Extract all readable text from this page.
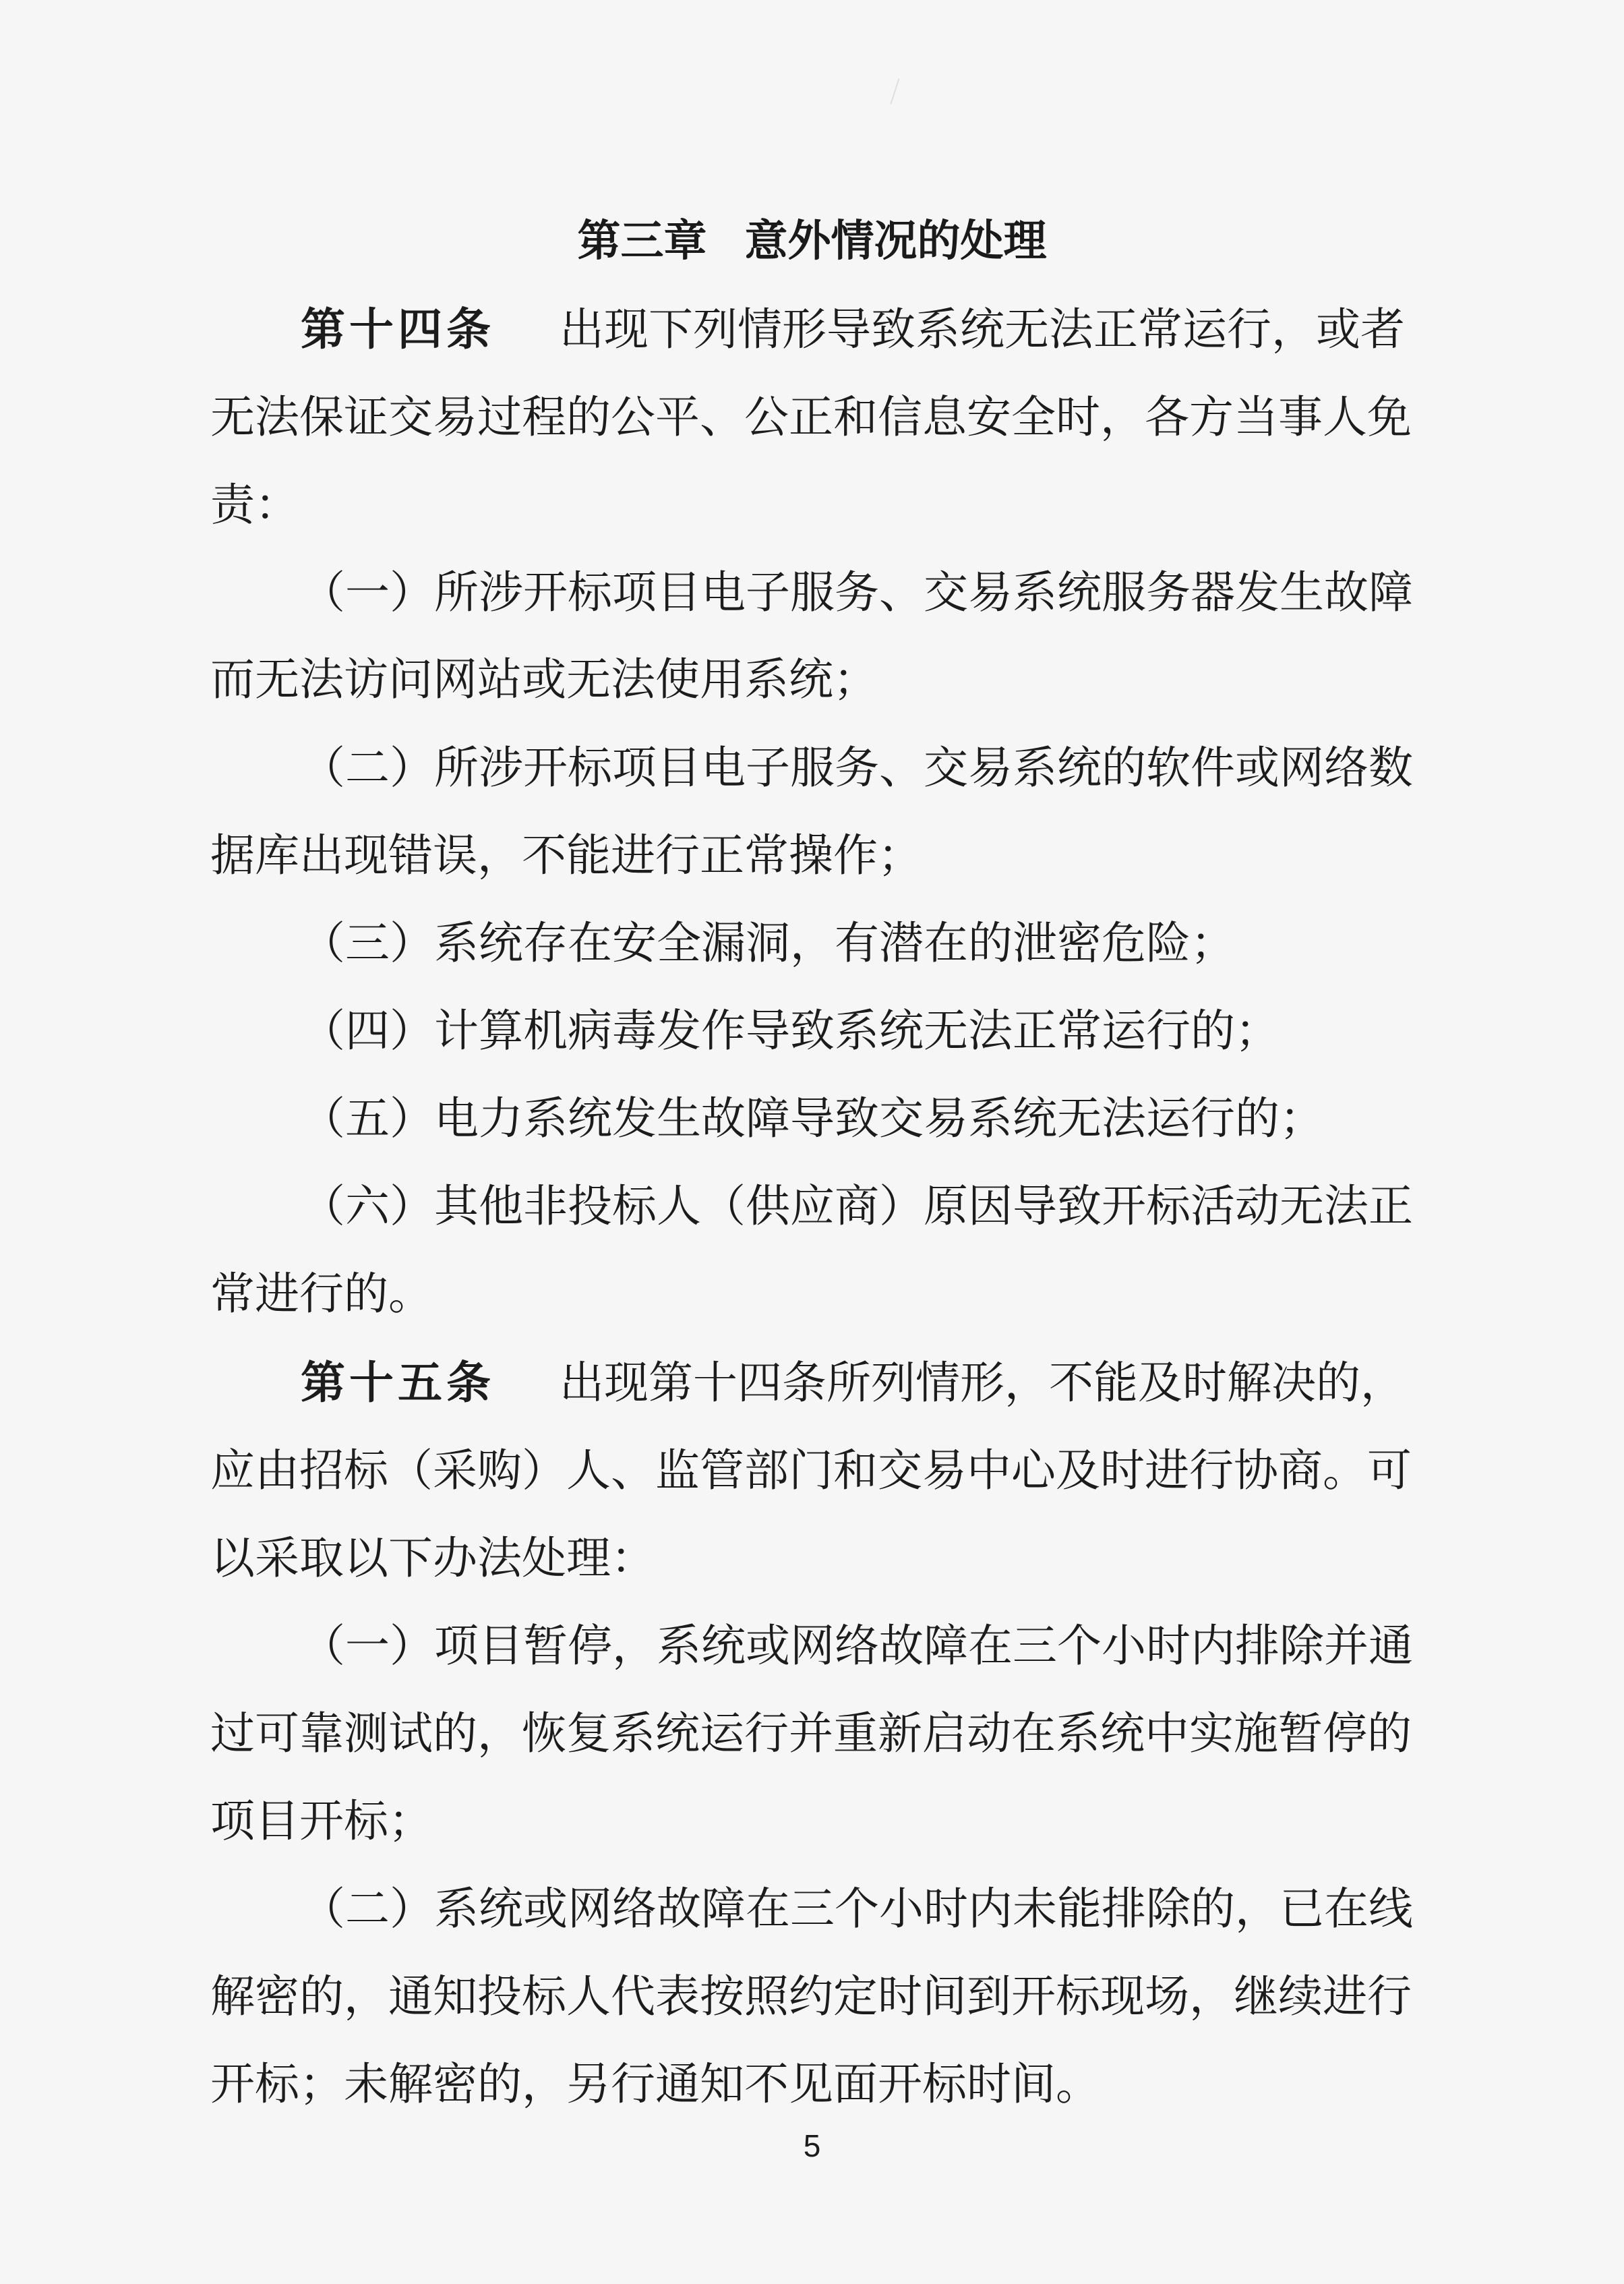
第三章 意外情况的处理
第十四条 出现下列情形导致系统无法正常运行，或者
无法保证交易过程的公平、公正和信息安全时，各方当事人免
责：
（一）所涉开标项目电子服务、交易系统服务器发生故障
而无法访问网站或无法使用系统；
（二）所涉开标项目电子服务、交易系统的软件或网络数
据库出现错误，不能进行正常操作；
（三）系统存在安全漏洞，有潜在的泄密危险；
（四）计算机病毒发作导致系统无法正常运行的；
（五）电力系统发生故障导致交易系统无法运行的；
（六）其他非投标人（供应商）原因导致开标活动无法正
常进行的。
第十五条 出现第十四条所列情形，不能及时解决的，
应由招标（采购）人、监管部门和交易中心及时进行协商。可
以采取以下办法处理：
（一）项目暂停，系统或网络故障在三个小时内排除并通
过可靠测试的，恢复系统运行并重新启动在系统中实施暂停的
项目开标；
（二）系统或网络故障在三个小时内未能排除的，已在线
解密的，通知投标人代表按照约定时间到开标现场，继续进行
开标；未解密的，另行通知不见面开标时间。
5
